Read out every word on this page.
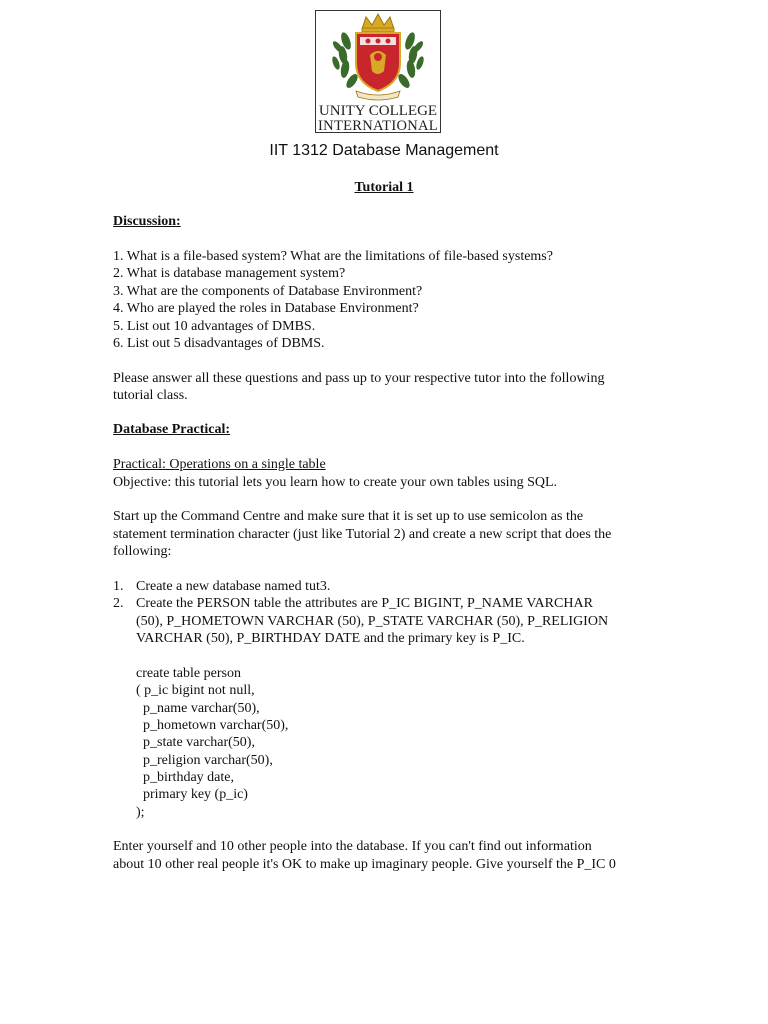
UNITY COLLEGE
INTERNATIONAL
IIT 1312 Database Management
Tutorial 1
Discussion:
1. What is a file-based system? What are the limitations of file-based systems?
2. What is database management system?
3. What are the components of Database Environment?
4. Who are played the roles in Database Environment?
5. List out 10 advantages of DMBS.
6. List out 5 disadvantages of DBMS.
Please answer all these questions and pass up to your respective tutor into the following
tutorial class.
Database Practical:
Practical: Operations on a single table
Objective: this tutorial lets you learn how to create your own tables using SQL.
Start up the Command Centre and make sure that it is set up to use semicolon as the
statement termination character (just like Tutorial 2) and create a new script that does the
following:
1. Create a new database named tut3.
2. Create the PERSON table the attributes are P_IC BIGINT, P_NAME VARCHAR
(50), P_HOMETOWN VARCHAR (50), P_STATE VARCHAR (50), P_RELIGION
VARCHAR (50), P_BIRTHDAY DATE and the primary key is P_IC.
create table person
( p_ic bigint not null,
p_name varchar(50),
p_hometown varchar(50),
p_state varchar(50),
p_religion varchar(50),
p_birthday date,
primary key (p_ic)
);
Enter yourself and 10 other people into the database. If you can't find out information
about 10 other real people it's OK to make up imaginary people. Give yourself the P_IC 0
